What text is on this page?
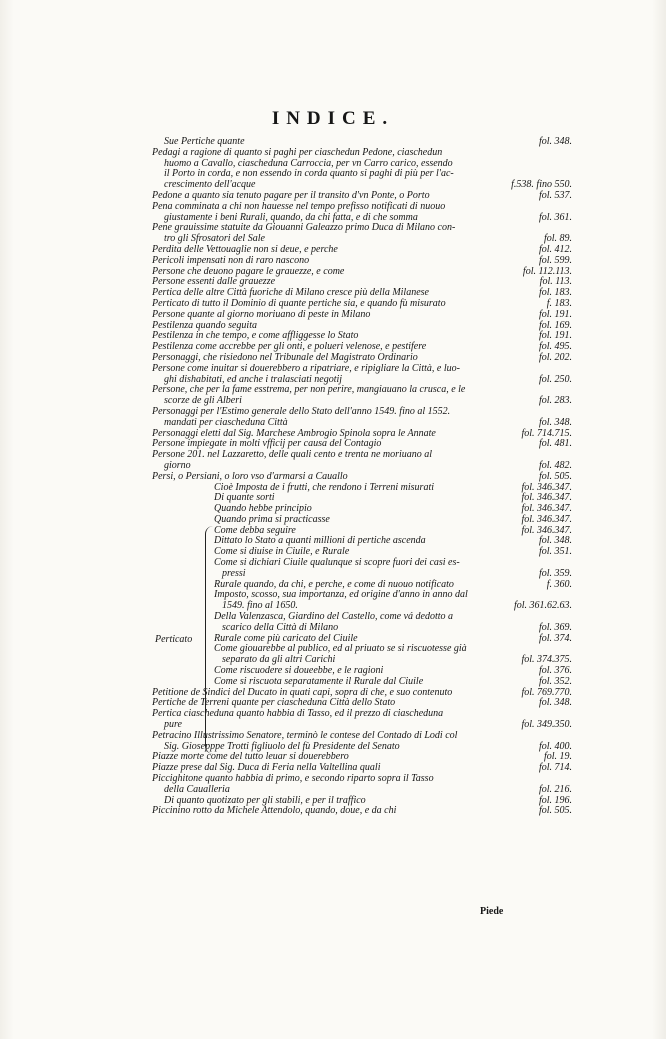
INDICE.
Sue Pertiche quante	fol. 348.
Pedagi a ragione di quanto si paghi per ciaschedun Pedone, ciaschedun
huomo a Cavallo, ciascheduna Carroccia, per vn Carro carico, essendo
il Porto in corda, e non essendo in corda quanto si paghi di più per l'ac-
crescimento dell'acque	f.538. fino 550.
Pedone a quanto sia tenuto pagare per il transito d'vn Ponte, o Porto	fol. 537.
Pena comminata a chi non hauesse nel tempo prefisso notificati di nuouo
giustamente i beni Rurali, quando, da chi fatta, e di che somma	fol. 361.
Pene grauissime statuite da Giouanni Galeazzo primo Duca di Milano con-
tro gli Sfrosatori del Sale	fol. 89.
Perdita delle Vettouaglie non si deue, e perche	fol. 412.
Pericoli impensati non di raro nascono	fol. 599.
Persone che deuono pagare le grauezze, e come	fol. 112.113.
Persone essenti dalle grauezze	fol. 113.
Pertica delle altre Città fuoriche di Milano cresce più della Milanese	fol. 183.
Perticato di tutto il Dominio di quante pertiche sia, e quando fù misurato	f. 183.
Persone quante al giorno moriuano di peste in Milano	fol. 191.
Pestilenza quando seguita	fol. 169.
Pestilenza in che tempo, e come affliggesse lo Stato	fol. 191.
Pestilenza come accrebbe per gli onti, e polueri velenose, e pestifere	fol. 495.
Personaggi, che risiedono nel Tribunale del Magistrato Ordinario	fol. 202.
Persone come inuitar si douerebbero a ripatriare, e ripigliare la Città, e luo-
ghi dishabitati, ed anche i tralasciati negotij	fol. 250.
Persone, che per la fame esstrema, per non perire, mangiauano la crusca, e le
scorze de gli Alberi	fol. 283.
Personaggi per l'Estimo generale dello Stato dell'anno 1549. fino al 1552.
mandati per ciascheduna Città	fol. 348.
Personaggi eletti dal Sig. Marchese Ambrogio Spinola sopra le Annate	fol. 714.715.
Persone impiegate in molti vfficij per causa del Contagio	fol. 481.
Persone 201. nel Lazzaretto, delle quali cento e trenta ne moriuano al
giorno	fol. 482.
Persi, o Persiani, o loro vso d'armarsi a Cauallo	fol. 505.
Cioè Imposta de i frutti, che rendono i Terreni misurati	fol. 346.347.
Di quante sorti	fol. 346.347.
Quando hebbe principio	fol. 346.347.
Quando prima si practicasse	fol. 346.347.
Come debba seguire	fol. 346.347.
Dittato lo Stato a quanti millioni di pertiche ascenda	fol. 348.
Come si diuise in Ciuile, e Rurale	fol. 351.
Come si dichiari Ciuile qualunque si scopre fuori dei casi es-
pressi	fol. 359.
Rurale quando, da chi, e perche, e come di nuouo notificato	f. 360.
Imposto, scosso, sua importanza, ed origine d'anno in anno dal
1549. fino al 1650.	fol. 361.62.63.
Della Valenzasca, Giardino del Castello, come vá dedotto a
scarico della Città di Milano	fol. 369.
Rurale come più caricato del Ciuile	fol. 374.
Come giouarebbe al publico, ed al priuato se si riscuotesse già
separato da gli altri Carichi	fol. 374.375.
Come riscuodere si doueebbe, e le ragioni	fol. 376.
Come si riscuota separatamente il Rurale dal Ciuile	fol. 352.
Petitione de Sindici del Ducato in quati capi, sopra di che, e suo contenuto	fol. 769.770.
Pertiche de Terreni quante per ciascheduna Città dello Stato	fol. 348.
Pertica ciascheduna quanto habbia di Tasso, ed il prezzo di ciascheduna
pure	fol. 349.350.
Petracino Illustrissimo Senatore, terminò le contese del Contado di Lodi col
Sig. Giosepppe Trotti figliuolo del fù Presidente del Senato	fol. 400.
Piazze morte come del tutto leuar si douerebbero	fol. 19.
Piazze prese dal Sig. Duca di Feria nella Valtellina quali	fol. 714.
Piccighitone quanto habbia di primo, e secondo riparto sopra il Tasso
della Caualleria	fol. 216.
Di quanto quotizato per gli stabili, e per il traffico	fol. 196.
Piccinino rotto da Michele Attendolo, quando, doue, e da chi	fol. 505.
Perticato
Piede
